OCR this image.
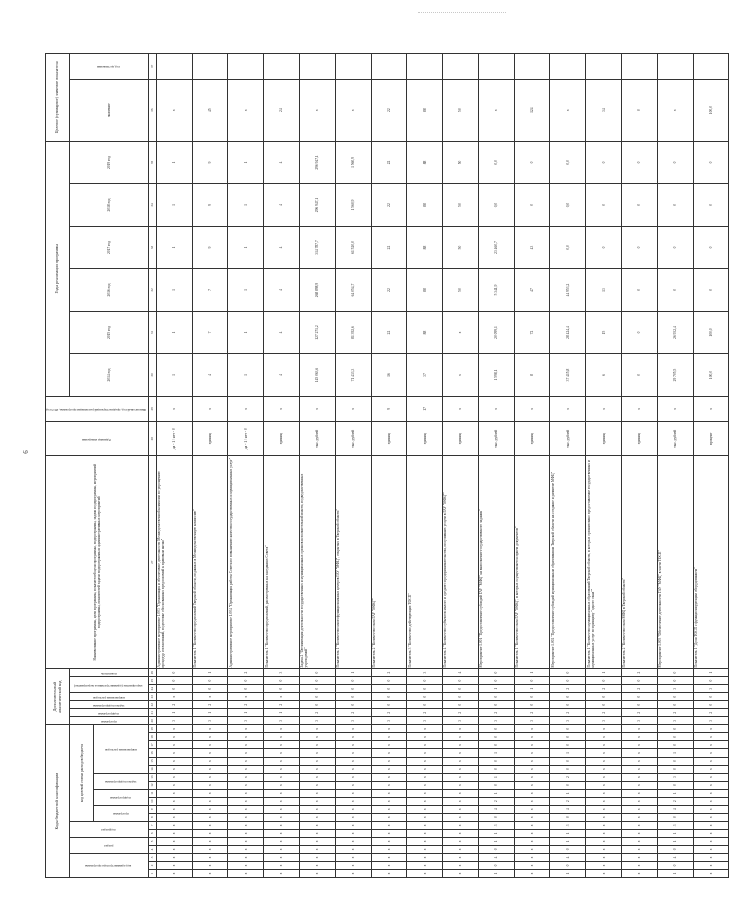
6
Коды бюджетной классификации																			Дополнительный аналитический код							Наименование программы, цели программы, показателей цели программы, подпрограммы, задачи подпрограммы, мероприятий подпрограммы, показателей задачи подпрограммы и административных мероприятий	Единица измерения	Финансовый год, предшествующий реализации программы, 2013 год	Годы реализации программы						Целевое (суммарное) значение показателя	
код администратора программы			раздел		подраздел		код целевой статьи расходов бюджета												программа	подпрограмма	задача подпрограммы	направление расходов	мероприятие (административное мероприятие)		показатель				2014 год	2015 год	2016 год	2017 год	2018 год	2019 год	значение	год достижения
							программа		подпрограмма		задача подпрограммы		направление расходов																							
1	2	3	4	5	6	7	8	9	10	11	12	13	14	15	16	17	18	19	20	21	22	23	24	25	26	27	28	29	30	31	32	33	34	35	36	37
x	x	x	x	x	x	x	x	x	x	x	x	x	x	x	x	x	x	x	3	1	2	x	0	0	0	Административное мероприятие 1.003 "Организация и обеспечение деятельности Межведомственной комиссии по упрощению процедур согласований, подготовке обоснованных предложений к правовым актам"	да - 1 / нет - 0	x	1	1	1	1	1	1	x	
x	x	x	x	x	x	x	x	x	x	x	x	x	x	x	x	x	x	x	3	1	2	x	0	0	1	Показатель 1 "Количество предложений Тверской области, поданных в Межведомственную комиссию"	единиц	x	4	7	7	9	9	9	45	
x	x	x	x	x	x	x	x	x	x	x	x	x	x	x	x	x	x	x	3	1	2	x	0	0	2	Административное мероприятие 1.004 "Организация работы Совета по повышению качества государственных и муниципальных услуг"	да - 1 / нет - 0	x	1	1	1	1	1	1	x	
x	x	x	x	x	x	x	x	x	x	x	x	x	x	x	x	x	x	x	3	1	2	x	0	0	3	Показатель 1 "Количество предложений, рассмотренных на заседаниях Совета"	единиц	x	4	4	4	4	4	4	24	
x	x	x	x	x	x	x	x	x	x	x	x	x	x	x	x	x	x	x	3	2	0	0	0	0	0	Задача 2 "Оптимизация деятельности государственных и муниципальных органов исполнительной власти, подведомственных учреждений"	тыс. рублей	x	145 063,6	127 271,2	268 898,9	314 787,7	296 947,1	296 947,1	x	
x	x	x	x	x	x	x	x	x	x	x	x	x	x	x	x	x	x	x	3	2	0	0	0	0	1	Показатель 1 "Количество многофункциональных центров ГАУ "МФЦ", открытых в Тверской области"	тыс. рублей	x	71 433,3	81 392,6	64 054,7	61 520,0	1 560,9	1 560,9	x	
x	x	x	x	x	x	x	x	x	x	x	x	x	x	x	x	x	x	x	3	2	0	0	0	0	2	Показатель 2 "Количество окон ГАУ "МФЦ""	единиц	9	16	22	22	22	22	22	22	
x	x	x	x	x	x	x	x	x	x	x	x	x	x	x	x	x	x	x	3	2	0	0	0	0	3	Показатель 3 "Количество действующих ТОСП"	единиц	17	37	88	88	88	88	88	88	
x	x	x	x	x	x	x	x	x	x	x	x	x	x	x	x	x	x	x	3	2	0	0	0	0	4	Показатель 4 "Количество субъектов малого и среднего предпринимательства, получивших услуги в ГАУ "МФЦ""	единиц	x	x	x	50	50	50	50	50	
1	0	4	0	1	1	3	0	4	2	1	0	1	0	0	1	0	0	0	3	2	0	0	1	0	0	Мероприятие 1.001 "Предоставление субсидий ГАУ "МФЦ" на выполнение государственного задания"	тыс. рублей	x	1 598,1	20 099,1	5 341,9	23 460,7	0,0	0,0	x	
x	x	x	x	x	x	x	x	x	x	x	x	x	x	x	x	x	x	x	3	2	0	0	1	0	1	Показатель 1 "Количество окон ГАУ "МФЦ", в которых осуществляется прием документов"	единиц	x	8	72	47	43	0	0	124	
1	0	4	0	1	1	3	0	4	2	1	0	2	0	0	1	0	0	0	3	2	0	0	2	0	0	Мероприятие 1.002 "Предоставление субсидий муниципальным образованиям Тверской области на создание и развитие МФЦ"	тыс. рублей	x	37 415,8	28 424,4	44 953,2	0,0	0,0	0,0	x	
x	x	x	x	x	x	x	x	x	x	x	x	x	x	x	x	x	x	x	3	2	0	0	2	0	1	Показатель 1 "Количество муниципальных образований Тверской области, в которых организовано предоставление государственных и муниципальных услуг по принципу "одного окна""	единиц	x	6	15	13	0	0	0	34	
x	x	x	x	x	x	x	x	x	x	x	x	x	x	x	x	x	x	x	3	2	0	0	2	0	2	Показатель 2 "Количество окон МФЦ в Тверской области"	единиц	x	0	0	0	0	0	0	0	
1	0	4	0	1	1	3	0	4	2	1	0	3	0	0	1	0	0	0	3	2	0	0	3	0	0	Мероприятие 1.003 "Обеспечение деятельности ГАУ "МФЦ" в части ТОСП"	тыс. рублей	x	29 705,5	26 932,4	0	0	0	0	x	
x	x	x	x	x	x	x	x	x	x	x	x	x	x	x	x	x	x	x	3	2	0	0	3	0	1	Показатель 1 "Доля ТОСП с функционирующим оборудованием"	процент	x	100,0	100,0	0	0	0	0	100,0	
